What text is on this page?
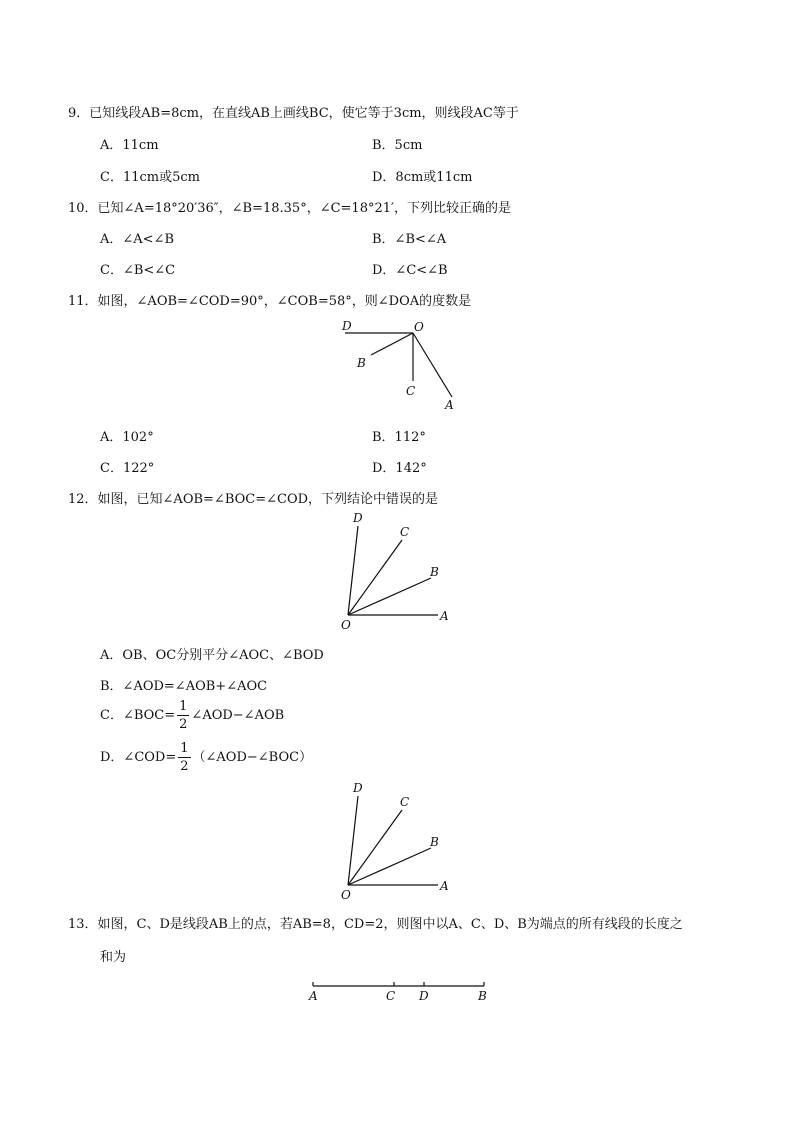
9．已知线段AB=8cm，在直线AB上画线BC，使它等于3cm，则线段AC等于
A．11cm	B．5cm
C．11cm或5cm	D．8cm或11cm
10．已知∠A=18°20′36″，∠B=18.35°，∠C=18°21′，下列比较正确的是
A．∠A<∠B	B．∠B<∠A
C．∠B<∠C	D．∠C<∠B
11．如图，∠AOB=∠COD=90°，∠COB=58°，则∠DOA的度数是
D	O
B
C
A
A．102°	B．112°
C．122°	D．142°
12．如图，已知∠AOB=∠BOC=∠COD，下列结论中错误的是
D
C
B
A
O
A．OB、OC分别平分∠AOC、∠BOD
B．∠AOD=∠AOB+∠AOC
C．∠BOC= $\frac{1}{2}$ ∠AOD−∠AOB
D．∠COD= $\frac{1}{2}$ （∠AOD−∠BOC）
D
C
B
A
O
13．如图，C、D是线段AB上的点，若AB=8，CD=2，则图中以A、C、D、B为端点的所有线段的长度之
和为
A	C D	B
